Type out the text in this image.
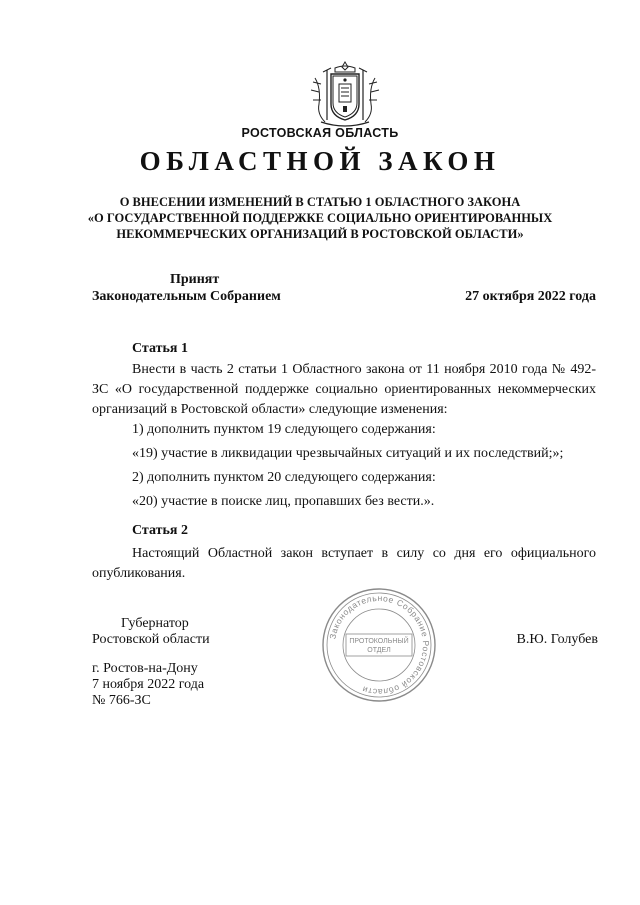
РОСТОВСКАЯ ОБЛАСТЬ
ОБЛАСТНОЙ ЗАКОН
О ВНЕСЕНИИ ИЗМЕНЕНИЙ В СТАТЬЮ 1 ОБЛАСТНОГО ЗАКОНА
«О ГОСУДАРСТВЕННОЙ ПОДДЕРЖКЕ СОЦИАЛЬНО ОРИЕНТИРОВАННЫХ
НЕКОММЕРЧЕСКИХ ОРГАНИЗАЦИЙ В РОСТОВСКОЙ ОБЛАСТИ»
Принят
Законодательным Собранием	27 октября 2022 года
Статья 1
Внести в часть 2 статьи 1 Областного закона от 11 ноября 2010 года № 492-ЗС «О государственной поддержке социально ориентированных некоммерческих организаций в Ростовской области» следующие изменения:
1) дополнить пунктом 19 следующего содержания:
«19) участие в ликвидации чрезвычайных ситуаций и их последствий;»;
2) дополнить пунктом 20 следующего содержания:
«20) участие в поиске лиц, пропавших без вести.».
Статья 2
Настоящий Областной закон вступает в силу со дня его официального опубликования.
Губернатор
Ростовской области	В.Ю. Голубев
Законодательное Собрание Ростовской области
ПРОТОКОЛЬНЫЙ
ОТДЕЛ
г. Ростов-на-Дону
7 ноября 2022 года
№ 766-ЗС
